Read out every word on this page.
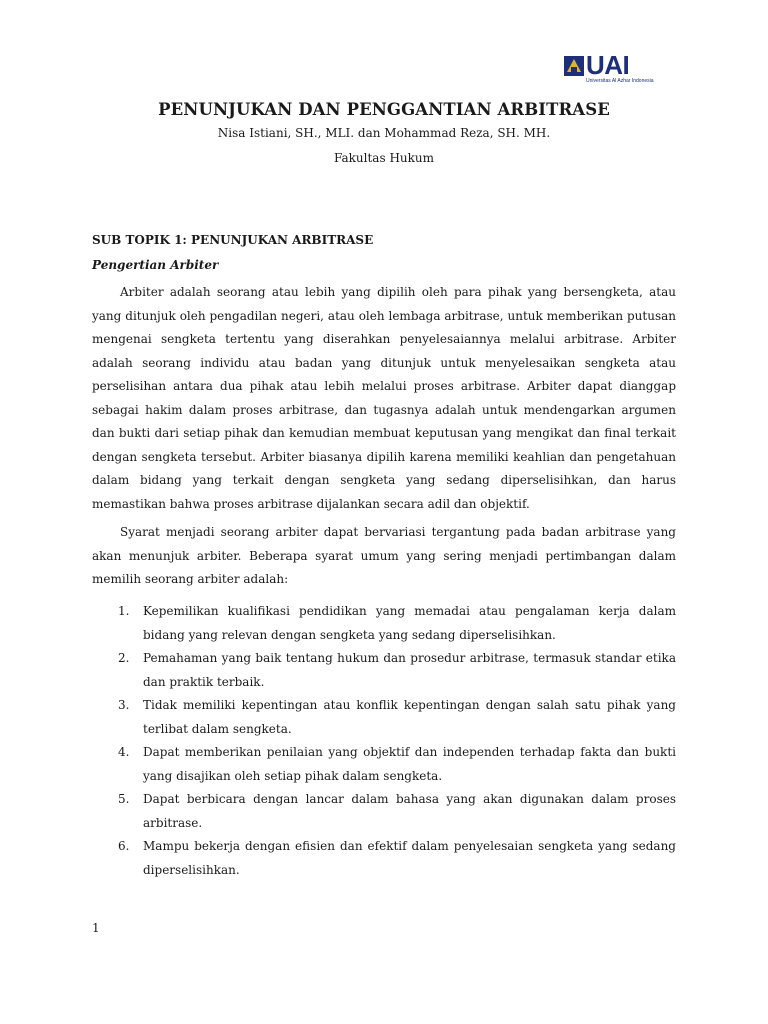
UAI
Universitas Al Azhar Indonesia
PENUNJUKAN DAN PENGGANTIAN ARBITRASE
Nisa Istiani, SH., MLI. dan Mohammad Reza, SH. MH.
Fakultas Hukum
SUB TOPIK 1: PENUNJUKAN ARBITRASE
Pengertian Arbiter

Arbiter adalah seorang atau lebih yang dipilih oleh para pihak yang bersengketa, atau yang ditunjuk oleh pengadilan negeri, atau oleh lembaga arbitrase, untuk memberikan putusan mengenai sengketa tertentu yang diserahkan penyelesaiannya melalui arbitrase. Arbiter adalah seorang individu atau badan yang ditunjuk untuk menyelesaikan sengketa atau perselisihan antara dua pihak atau lebih melalui proses arbitrase. Arbiter dapat dianggap sebagai hakim dalam proses arbitrase, dan tugasnya adalah untuk mendengarkan argumen dan bukti dari setiap pihak dan kemudian membuat keputusan yang mengikat dan final terkait dengan sengketa tersebut. Arbiter biasanya dipilih karena memiliki keahlian dan pengetahuan dalam bidang yang terkait dengan sengketa yang sedang diperselisihkan, dan harus memastikan bahwa proses arbitrase dijalankan secara adil dan objektif.

Syarat menjadi seorang arbiter dapat bervariasi tergantung pada badan arbitrase yang akan menunjuk arbiter. Beberapa syarat umum yang sering menjadi pertimbangan dalam memilih seorang arbiter adalah:

1. Kepemilikan kualifikasi pendidikan yang memadai atau pengalaman kerja dalam bidang yang relevan dengan sengketa yang sedang diperselisihkan.
2. Pemahaman yang baik tentang hukum dan prosedur arbitrase, termasuk standar etika dan praktik terbaik.
3. Tidak memiliki kepentingan atau konflik kepentingan dengan salah satu pihak yang terlibat dalam sengketa.
4. Dapat memberikan penilaian yang objektif dan independen terhadap fakta dan bukti yang disajikan oleh setiap pihak dalam sengketa.
5. Dapat berbicara dengan lancar dalam bahasa yang akan digunakan dalam proses arbitrase.
6. Mampu bekerja dengan efisien dan efektif dalam penyelesaian sengketa yang sedang diperselisihkan.
1
